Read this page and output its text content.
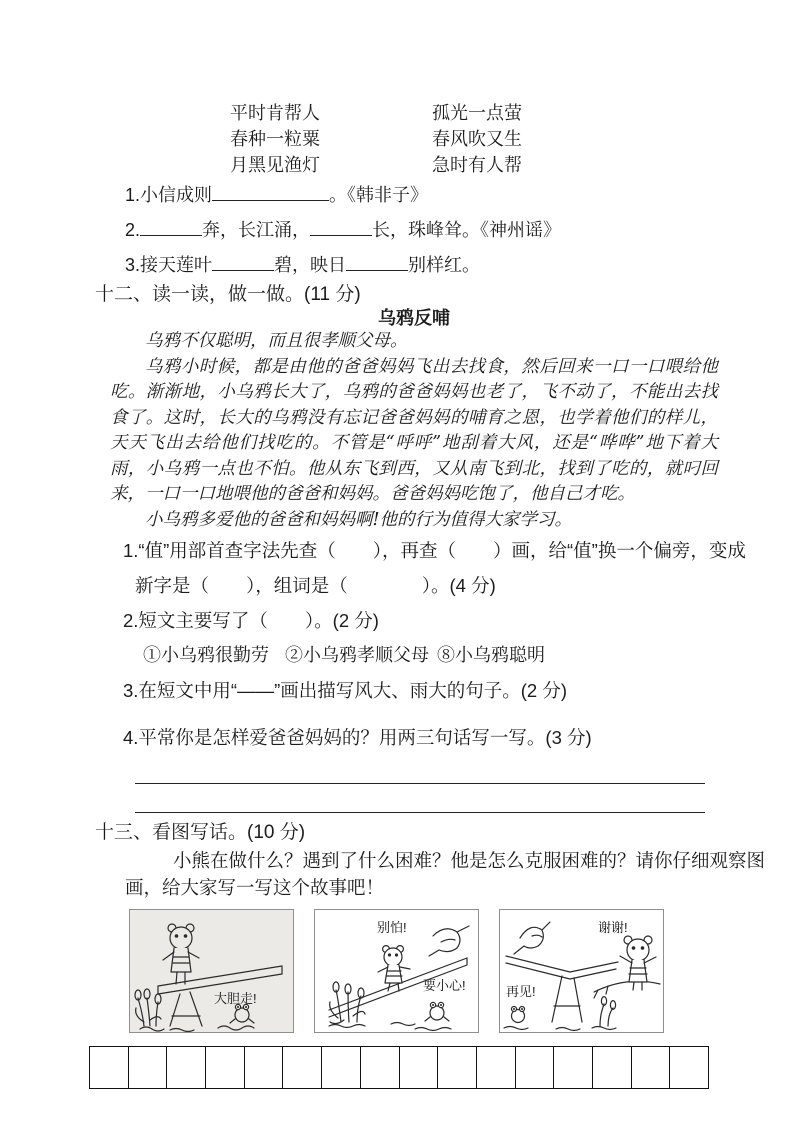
平时肯帮人	孤光一点萤
春种一粒粟	春风吹又生
月黑见渔灯	急时有人帮
1.小信成则	。《韩非子》
2.	奔，长江涌，	长，珠峰耸。《神州谣》
3.接天莲叶	碧，映日	别样红。
十二、读一读，做一做。(11 分)
乌鸦反哺

乌鸦不仅聪明，而且很孝顺父母。

乌鸦小时候，都是由他的爸爸妈妈飞出去找食，然后回来一口一口喂给他吃。渐渐地，小乌鸦长大了，乌鸦的爸爸妈妈也老了，飞不动了，不能出去找食了。这时，长大的乌鸦没有忘记爸爸妈妈的哺育之恩，也学着他们的样儿，天天飞出去给他们找吃的。不管是“呼呼”地刮着大风，还是“哗哗”地下着大雨，小乌鸦一点也不怕。他从东飞到西，又从南飞到北，找到了吃的，就叼回来，一口一口地喂他的爸爸和妈妈。爸爸妈妈吃饱了，他自己才吃。

小乌鸦多爱他的爸爸和妈妈啊!他的行为值得大家学习。

1.“值”用部首查字法先查（　　），再查（　　）画，给“值”换一个偏旁，变成
新字是（　　），组词是（　　　　）。(4 分)
2.短文主要写了（　　）。(2 分)
①小乌鸦很勤劳 ②小乌鸦孝顺父母 ⑧小乌鸦聪明
3.在短文中用“——”画出描写风大、雨大的句子。(2 分)
4.平常你是怎样爱爸爸妈妈的？用两三句话写一写。(3 分)
十三、看图写话。(10 分)
小熊在做什么？遇到了什么困难？他是怎么克服困难的？请你仔细观察图
画，给大家写一写这个故事吧！
大胆走!
别怕!
要小心!
谢谢!
再见!
